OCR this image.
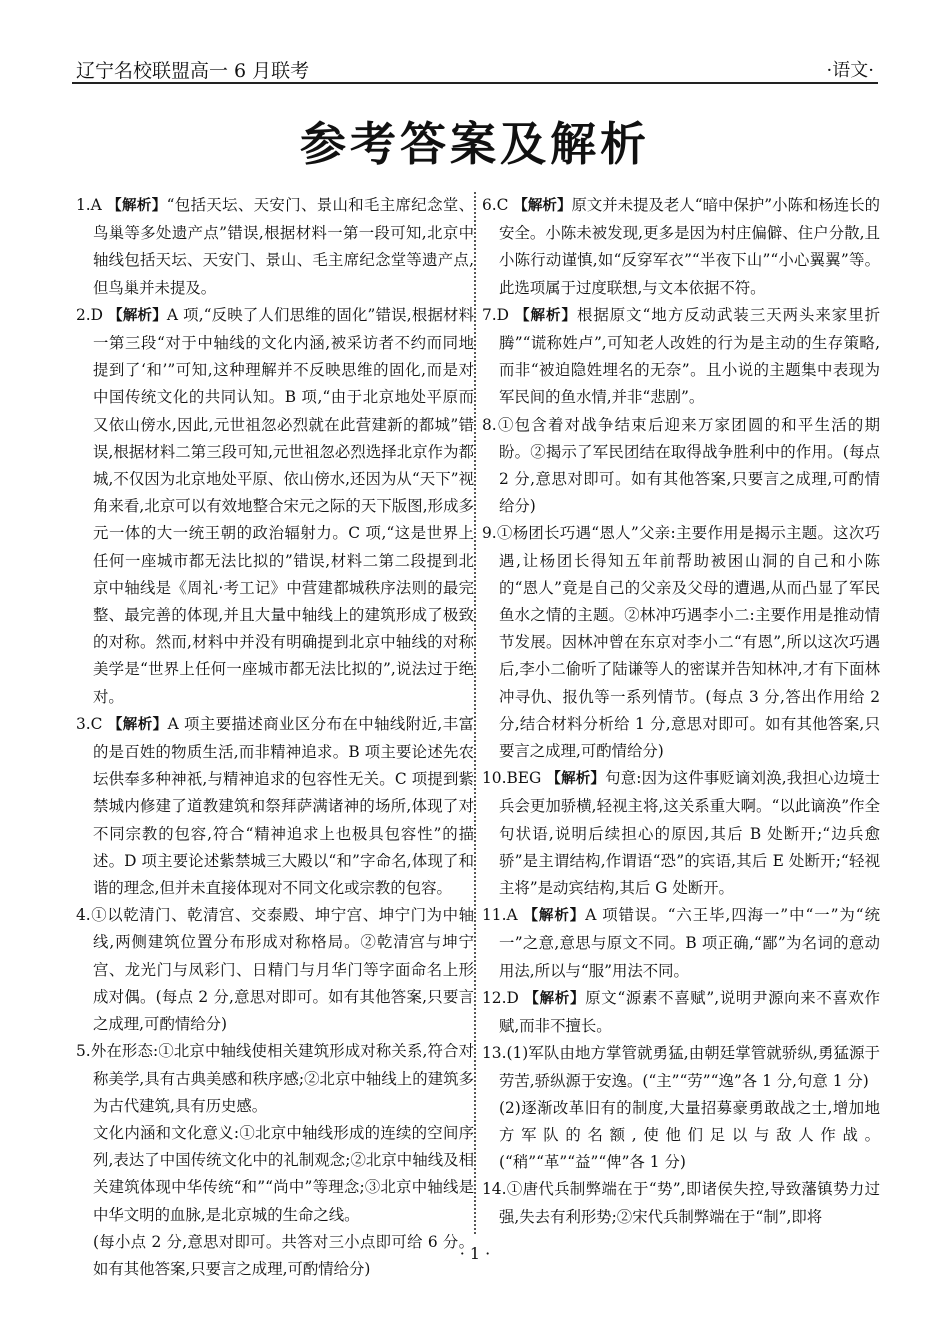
辽宁名校联盟高一 6 月联考	·语文·
参考答案及解析

1.A 【解析】“包括天坛、天安门、景山和毛主席纪念堂、鸟巢等多处遗产点”错误,根据材料一第一段可知,北京中轴线包括天坛、天安门、景山、毛主席纪念堂等遗产点,但鸟巢并未提及。

2.D 【解析】A 项,“反映了人们思维的固化”错误,根据材料一第三段“对于中轴线的文化内涵,被采访者不约而同地提到了‘和’”可知,这种理解并不反映思维的固化,而是对中国传统文化的共同认知。B 项,“由于北京地处平原而又依山傍水,因此,元世祖忽必烈就在此营建新的都城”错误,根据材料二第三段可知,元世祖忽必烈选择北京作为都城,不仅因为北京地处平原、依山傍水,还因为从“天下”视角来看,北京可以有效地整合宋元之际的天下版图,形成多元一体的大一统王朝的政治辐射力。C 项,“这是世界上任何一座城市都无法比拟的”错误,材料二第二段提到北京中轴线是《周礼·考工记》中营建都城秩序法则的最完整、最完善的体现,并且大量中轴线上的建筑形成了极致的对称。然而,材料中并没有明确提到北京中轴线的对称美学是“世界上任何一座城市都无法比拟的”,说法过于绝对。

3.C 【解析】A 项主要描述商业区分布在中轴线附近,丰富的是百姓的物质生活,而非精神追求。B 项主要论述先农坛供奉多种神祇,与精神追求的包容性无关。C 项提到紫禁城内修建了道教建筑和祭拜萨满诸神的场所,体现了对不同宗教的包容,符合“精神追求上也极具包容性”的描述。D 项主要论述紫禁城三大殿以“和”字命名,体现了和谐的理念,但并未直接体现对不同文化或宗教的包容。

4.①以乾清门、乾清宫、交泰殿、坤宁宫、坤宁门为中轴线,两侧建筑位置分布形成对称格局。②乾清宫与坤宁宫、龙光门与凤彩门、日精门与月华门等字面命名上形成对偶。(每点 2 分,意思对即可。如有其他答案,只要言之成理,可酌情给分)

5.外在形态:①北京中轴线使相关建筑形成对称关系,符合对称美学,具有古典美感和秩序感;②北京中轴线上的建筑多为古代建筑,具有历史感。

文化内涵和文化意义:①北京中轴线形成的连续的空间序列,表达了中国传统文化中的礼制观念;②北京中轴线及相关建筑体现中华传统“和”“尚中”等理念;③北京中轴线是中华文明的血脉,是北京城的生命之线。

(每小点 2 分,意思对即可。共答对三小点即可给 6 分。如有其他答案,只要言之成理,可酌情给分)

6.C 【解析】原文并未提及老人“暗中保护”小陈和杨连长的安全。小陈未被发现,更多是因为村庄偏僻、住户分散,且小陈行动谨慎,如“反穿军衣”“半夜下山”“小心翼翼”等。此选项属于过度联想,与文本依据不符。

7.D 【解析】根据原文“地方反动武装三天两头来家里折腾”“谎称姓卢”,可知老人改姓的行为是主动的生存策略,而非“被迫隐姓埋名的无奈”。且小说的主题集中表现为军民间的鱼水情,并非“悲剧”。

8.①包含着对战争结束后迎来万家团圆的和平生活的期盼。②揭示了军民团结在取得战争胜利中的作用。(每点 2 分,意思对即可。如有其他答案,只要言之成理,可酌情给分)

9.①杨团长巧遇“恩人”父亲:主要作用是揭示主题。这次巧遇,让杨团长得知五年前帮助被困山洞的自己和小陈的“恩人”竟是自己的父亲及父母的遭遇,从而凸显了军民鱼水之情的主题。②林冲巧遇李小二:主要作用是推动情节发展。因林冲曾在东京对李小二“有恩”,所以这次巧遇后,李小二偷听了陆谦等人的密谋并告知林冲,才有下面林冲寻仇、报仇等一系列情节。(每点 3 分,答出作用给 2 分,结合材料分析给 1 分,意思对即可。如有其他答案,只要言之成理,可酌情给分)

10.BEG 【解析】句意:因为这件事贬谪刘涣,我担心边境士兵会更加骄横,轻视主将,这关系重大啊。“以此谪涣”作全句状语,说明后续担心的原因,其后 B 处断开;“边兵愈骄”是主谓结构,作谓语“恐”的宾语,其后 E 处断开;“轻视主将”是动宾结构,其后 G 处断开。

11.A 【解析】A 项错误。“六王毕,四海一”中“一”为“统一”之意,意思与原文不同。B 项正确,“鄙”为名词的意动用法,所以与“服”用法不同。

12.D 【解析】原文“源素不喜赋”,说明尹源向来不喜欢作赋,而非不擅长。

13.(1)军队由地方掌管就勇猛,由朝廷掌管就骄纵,勇猛源于劳苦,骄纵源于安逸。(“主”“劳”“逸”各 1 分,句意 1 分)

(2)逐渐改革旧有的制度,大量招募豪勇敢战之士,增加地方军队的名额,使他们足以与敌人作战。(“稍”“革”“益”“俾”各 1 分)

14.①唐代兵制弊端在于“势”,即诸侯失控,导致藩镇势力过强,失去有利形势;②宋代兵制弊端在于“制”,即将

· 1 ·
